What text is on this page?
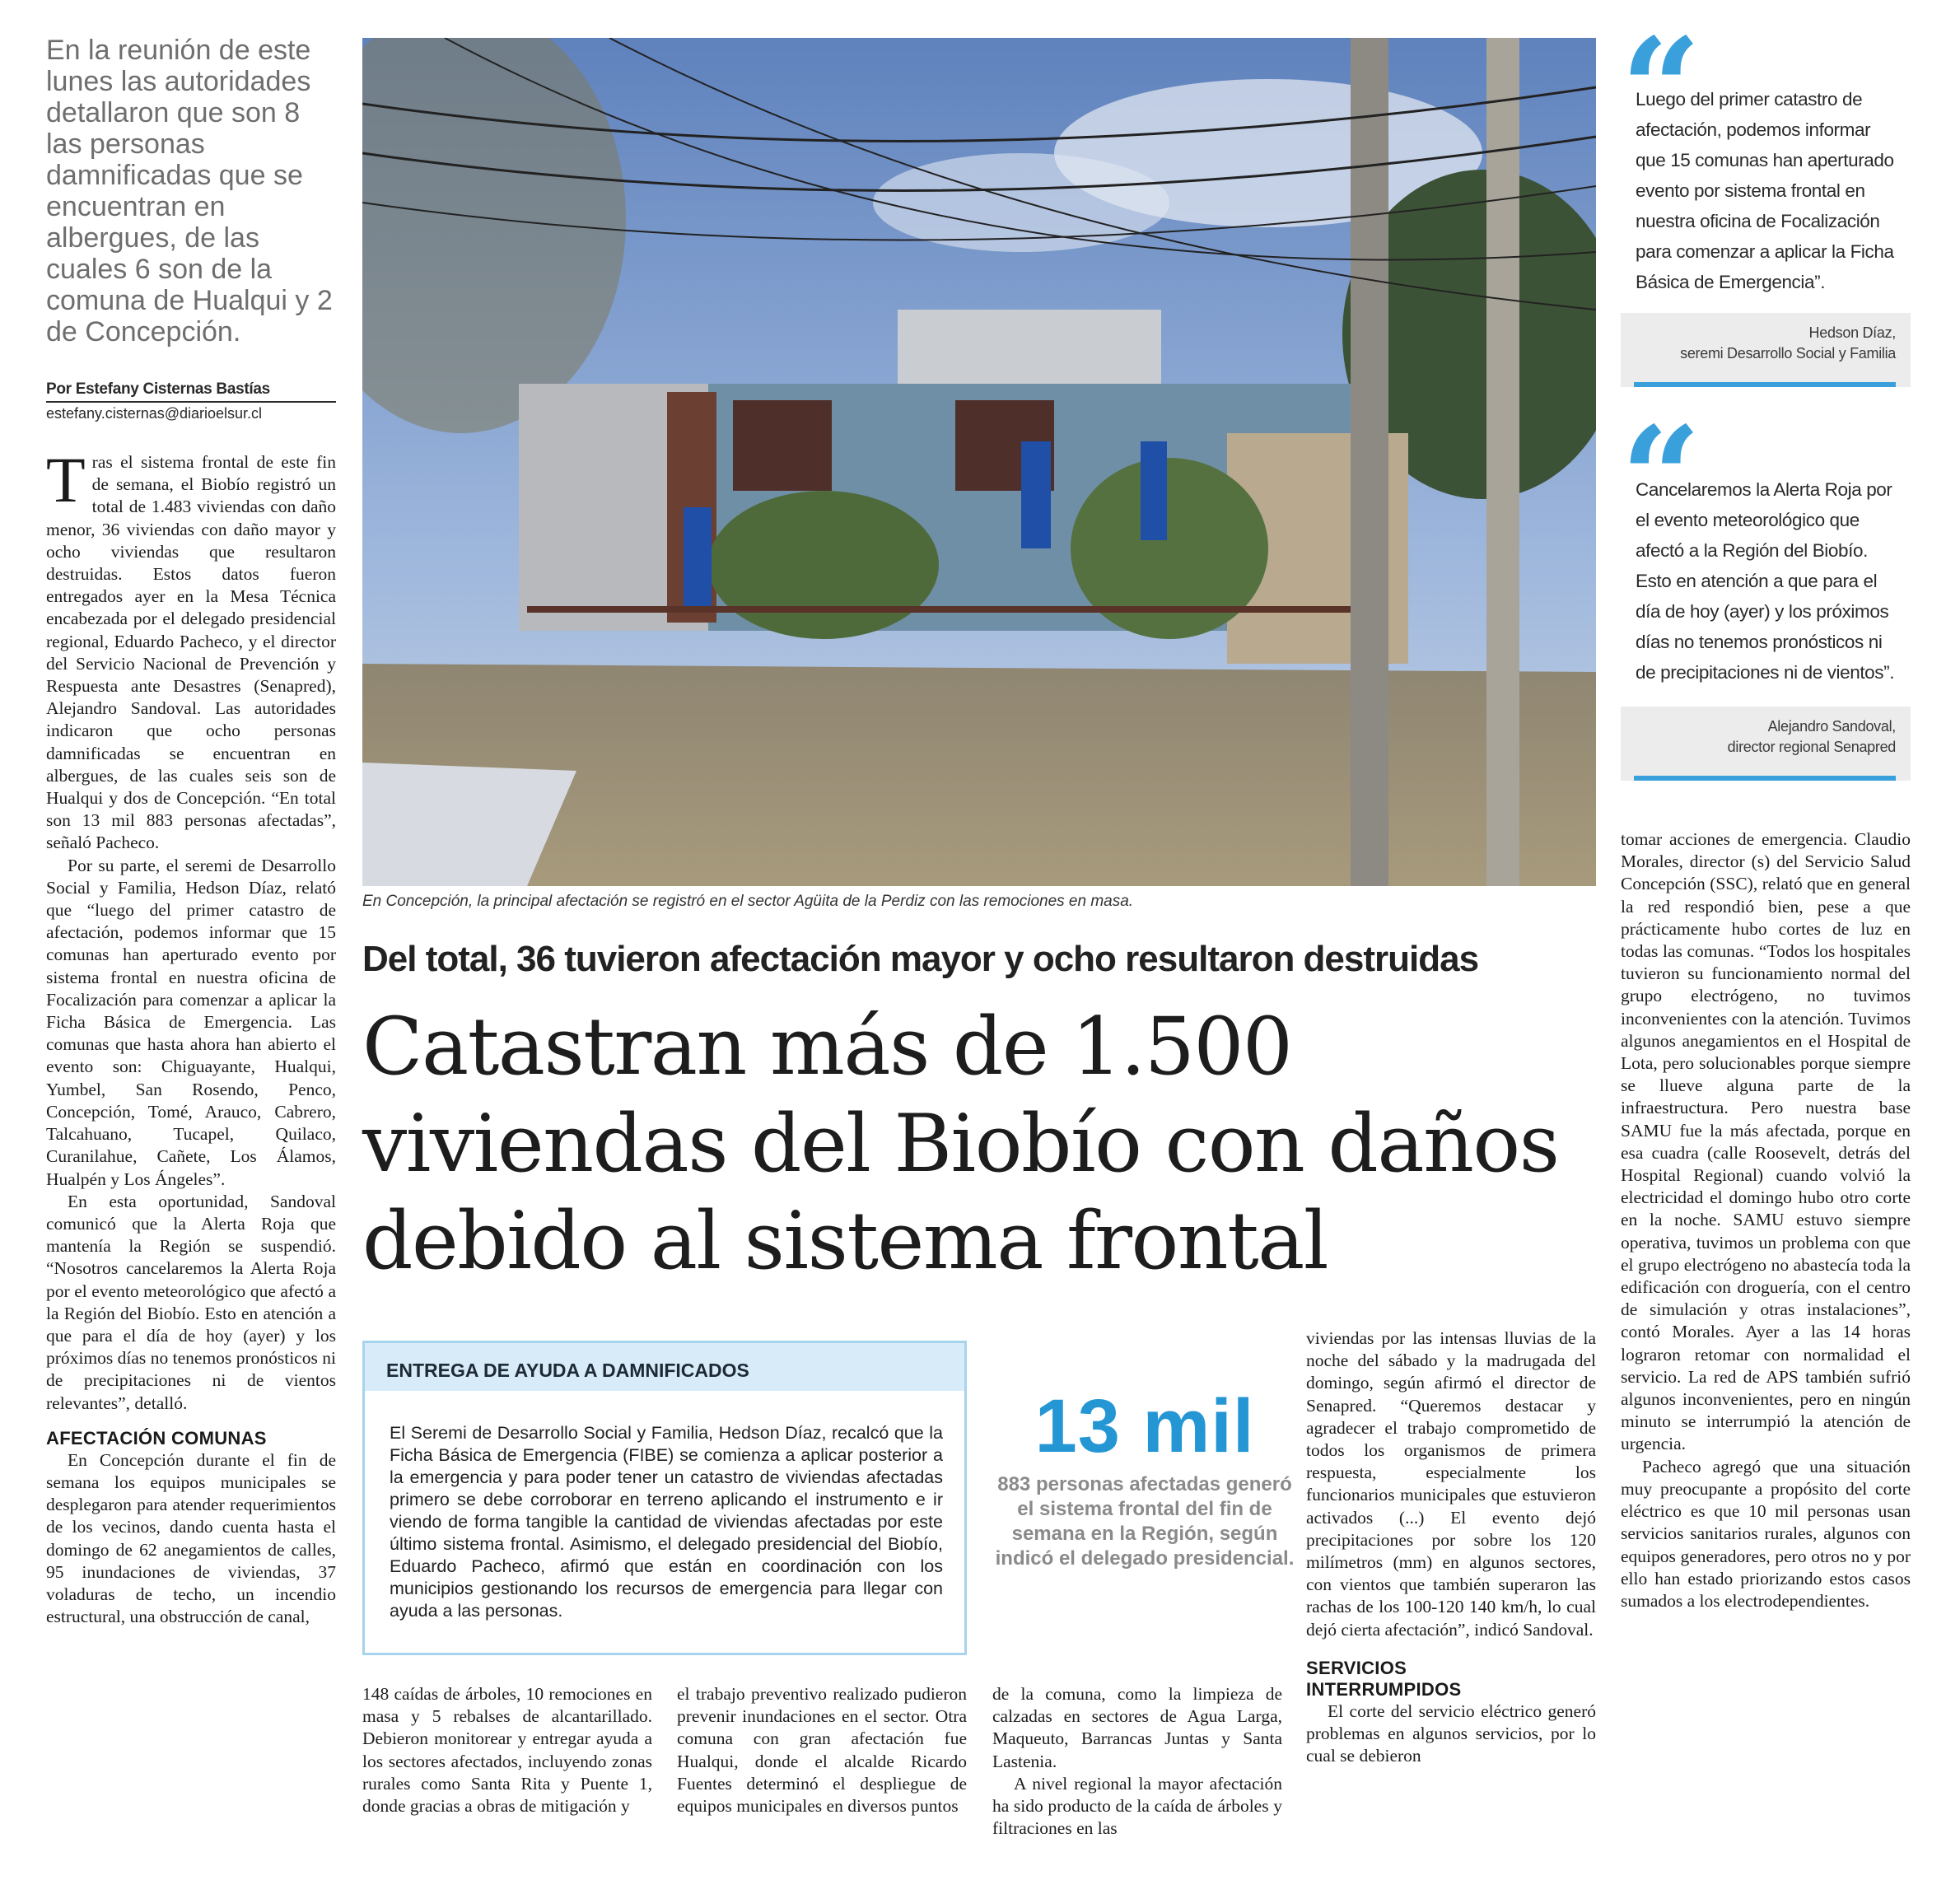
En la reunión de este lunes las autoridades detallaron que son 8 las personas damnificadas que se encuentran en albergues, de las cuales 6 son de la comuna de Hualqui y 2 de Concepción.
Por Estefany Cisternas Bastías
estefany.cisternas@diarioelsur.cl

Tras el sistema frontal de este fin de semana, el Biobío registró un total de 1.483 viviendas con daño menor, 36 viviendas con daño mayor y ocho viviendas que resultaron destruidas. Estos datos fueron entregados ayer en la Mesa Técnica encabezada por el delegado presidencial regional, Eduardo Pacheco, y el director del Servicio Nacional de Prevención y Respuesta ante Desastres (Senapred), Alejandro Sandoval. Las autoridades indicaron que ocho personas damnificadas se encuentran en albergues, de las cuales seis son de Hualqui y dos de Concepción. “En total son 13 mil 883 personas afectadas”, señaló Pacheco.

Por su parte, el seremi de Desarrollo Social y Familia, Hedson Díaz, relató que “luego del primer catastro de afectación, podemos informar que 15 comunas han aperturado evento por sistema frontal en nuestra oficina de Focalización para comenzar a aplicar la Ficha Básica de Emergencia. Las comunas que hasta ahora han abierto el evento son: Chiguayante, Hualqui, Yumbel, San Rosendo, Penco, Concepción, Tomé, Arauco, Cabrero, Talcahuano, Tucapel, Quilaco, Curanilahue, Cañete, Los Álamos, Hualpén y Los Ángeles”.

En esta oportunidad, Sandoval comunicó que la Alerta Roja que mantenía la Región se suspendió. “Nosotros cancelaremos la Alerta Roja por el evento meteorológico que afectó a la Región del Biobío. Esto en atención a que para el día de hoy (ayer) y los próximos días no tenemos pronósticos ni de precipitaciones ni de vientos relevantes”, detalló.

AFECTACIÓN COMUNAS

En Concepción durante el fin de semana los equipos municipales se desplegaron para atender requerimientos de los vecinos, dando cuenta hasta el domingo de 62 anegamientos de calles, 95 inundaciones de viviendas, 37 voladuras de techo, un incendio estructural, una obstrucción de canal,

En Concepción, la principal afectación se registró en el sector Agüita de la Perdiz con las remociones en masa.
Del total, 36 tuvieron afectación mayor y ocho resultaron destruidas
Catastran más de 1.500
viviendas del Biobío con daños
debido al sistema frontal
ENTREGA DE AYUDA A DAMNIFICADOS
El Seremi de Desarrollo Social y Familia, Hedson Díaz, recalcó que la Ficha Básica de Emergencia (FIBE) se comienza a aplicar posterior a la emergencia y para poder tener un catastro de viviendas afectadas primero se debe corroborar en terreno aplicando el instrumento e ir viendo de forma tangible la cantidad de viviendas afectadas por este último sistema frontal. Asimismo, el delegado presidencial del Biobío, Eduardo Pacheco, afirmó que están en coordinación con los municipios gestionando los recursos de emergencia para llegar con ayuda a las personas.
13 mil
883 personas afectadas generó el sistema frontal del fin de semana en la Región, según indicó el delegado presidencial.

148 caídas de árboles, 10 remociones en masa y 5 rebalses de alcantarillado. Debieron monitorear y entregar ayuda a los sectores afectados, incluyendo zonas rurales como Santa Rita y Puente 1, donde gracias a obras de mitigación y

el trabajo preventivo realizado pudieron prevenir inundaciones en el sector. Otra comuna con gran afectación fue Hualqui, donde el alcalde Ricardo Fuentes determinó el despliegue de equipos municipales en diversos puntos

de la comuna, como la limpieza de calzadas en sectores de Agua Larga, Maqueuto, Barrancas Juntas y Santa Lastenia.

A nivel regional la mayor afectación ha sido producto de la caída de árboles y filtraciones en las

viviendas por las intensas lluvias de la noche del sábado y la madrugada del domingo, según afirmó el director de Senapred. “Queremos destacar y agradecer el trabajo comprometido de todos los organismos de primera respuesta, especialmente los funcionarios municipales que estuvieron activados (...) El evento dejó precipitaciones por sobre los 120 milímetros (mm) en algunos sectores, con vientos que también superaron las rachas de los 100-120 140 km/h, lo cual dejó cierta afectación”, indicó Sandoval.

SERVICIOS INTERRUMPIDOS

El corte del servicio eléctrico generó problemas en algunos servicios, por lo cual se debieron

tomar acciones de emergencia. Claudio Morales, director (s) del Servicio Salud Concepción (SSC), relató que en general la red respondió bien, pese a que prácticamente hubo cortes de luz en todas las comunas. “Todos los hospitales tuvieron su funcionamiento normal del grupo electrógeno, no tuvimos inconvenientes con la atención. Tuvimos algunos anegamientos en el Hospital de Lota, pero solucionables porque siempre se llueve alguna parte de la infraestructura. Pero nuestra base SAMU fue la más afectada, porque en esa cuadra (calle Roosevelt, detrás del Hospital Regional) cuando volvió la electricidad el domingo hubo otro corte en la noche. SAMU estuvo siempre operativa, tuvimos un problema con que el grupo electrógeno no abastecía toda la edificación con droguería, con el centro de simulación y otras instalaciones”, contó Morales. Ayer a las 14 horas lograron retomar con normalidad el servicio. La red de APS también sufrió algunos inconvenientes, pero en ningún minuto se interrumpió la atención de urgencia.

Pacheco agregó que una situación muy preocupante a propósito del corte eléctrico es que 10 mil personas usan servicios sanitarios rurales, algunos con equipos generadores, pero otros no y por ello han estado priorizando estos casos sumados a los electrodependientes.

“
Luego del primer catastro de afectación, podemos informar que 15 comunas han aperturado evento por sistema frontal en nuestra oficina de Focalización para comenzar a aplicar la Ficha Básica de Emergencia”.
Hedson Díaz,
seremi Desarrollo Social y Familia
“
Cancelaremos la Alerta Roja por el evento meteorológico que afectó a la Región del Biobío. Esto en atención a que para el día de hoy (ayer) y los próximos días no tenemos pronósticos ni de precipitaciones ni de vientos”.
Alejandro Sandoval,
director regional Senapred
